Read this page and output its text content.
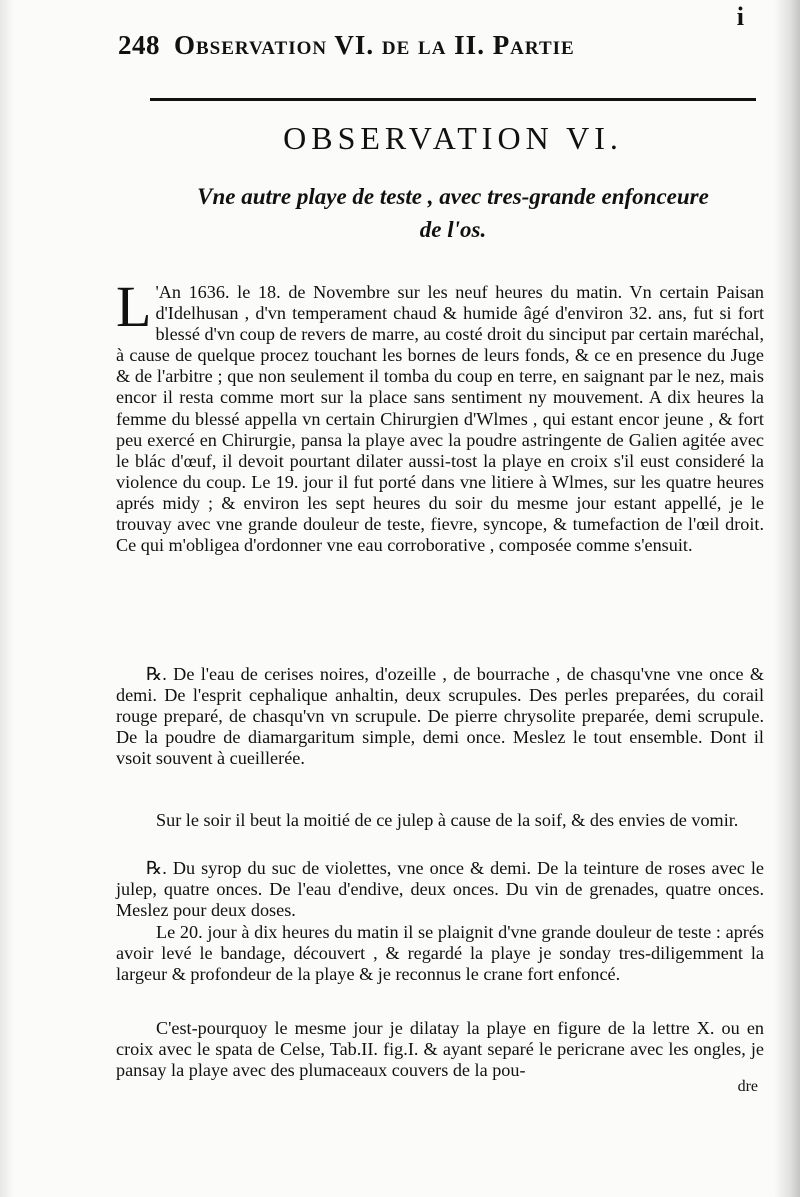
i
248 Observation VI. de la II. Partie
OBSERVATION VI.
Vne autre playe de teste , avec tres-grande enfonceure
de l'os.

L 'An 1636. le 18. de Novembre sur les neuf heures du matin. Vn certain Paisan d'Idelhusan , d'vn temperament chaud & humide âgé d'environ 32. ans, fut si fort blessé d'vn coup de revers de marre, au costé droit du sinciput par certain maréchal, à cause de quelque procez touchant les bornes de leurs fonds, & ce en presence du Juge & de l'arbitre ; que non seulement il tomba du coup en terre, en saignant par le nez, mais encor il resta comme mort sur la place sans sentiment ny mouvement. A dix heures la femme du blessé appella vn certain Chirurgien d'Wlmes , qui estant encor jeune , & fort peu exercé en Chirurgie, pansa la playe avec la poudre astringente de Galien agitée avec le blác d'œuf, il devoit pourtant dilater aussi-tost la playe en croix s'il eust consideré la violence du coup. Le 19. jour il fut porté dans vne litiere à Wlmes, sur les quatre heures aprés midy ; & environ les sept heures du soir du mesme jour estant appellé, je le trouvay avec vne grande douleur de teste, fievre, syncope, & tumefaction de l'œil droit. Ce qui m'obligea d'ordonner vne eau corroborative , composée comme s'ensuit.

℞. De l'eau de cerises noires, d'ozeille , de bourrache , de chasqu'vne vne once & demi. De l'esprit cephalique anhaltin, deux scrupules. Des perles preparées, du corail rouge preparé, de chasqu'vn vn scrupule. De pierre chrysolite preparée, demi scrupule. De la poudre de diamargaritum simple, demi once. Meslez le tout ensemble. Dont il vsoit souvent à cueillerée.

Sur le soir il beut la moitié de ce julep à cause de la soif, & des envies de vomir.

℞. Du syrop du suc de violettes, vne once & demi. De la teinture de roses avec le julep, quatre onces. De l'eau d'endive, deux onces. Du vin de grenades, quatre onces. Meslez pour deux doses.

Le 20. jour à dix heures du matin il se plaignit d'vne grande douleur de teste : aprés avoir levé le bandage, découvert , & regardé la playe je sonday tres-diligemment la largeur & profondeur de la playe & je reconnus le crane fort enfoncé.

C'est-pourquoy le mesme jour je dilatay la playe en figure de la lettre X. ou en croix avec le spata de Celse, Tab.II. fig.I. & ayant separé le pericrane avec les ongles, je pansay la playe avec des plumaceaux couvers de la pou-

dre
